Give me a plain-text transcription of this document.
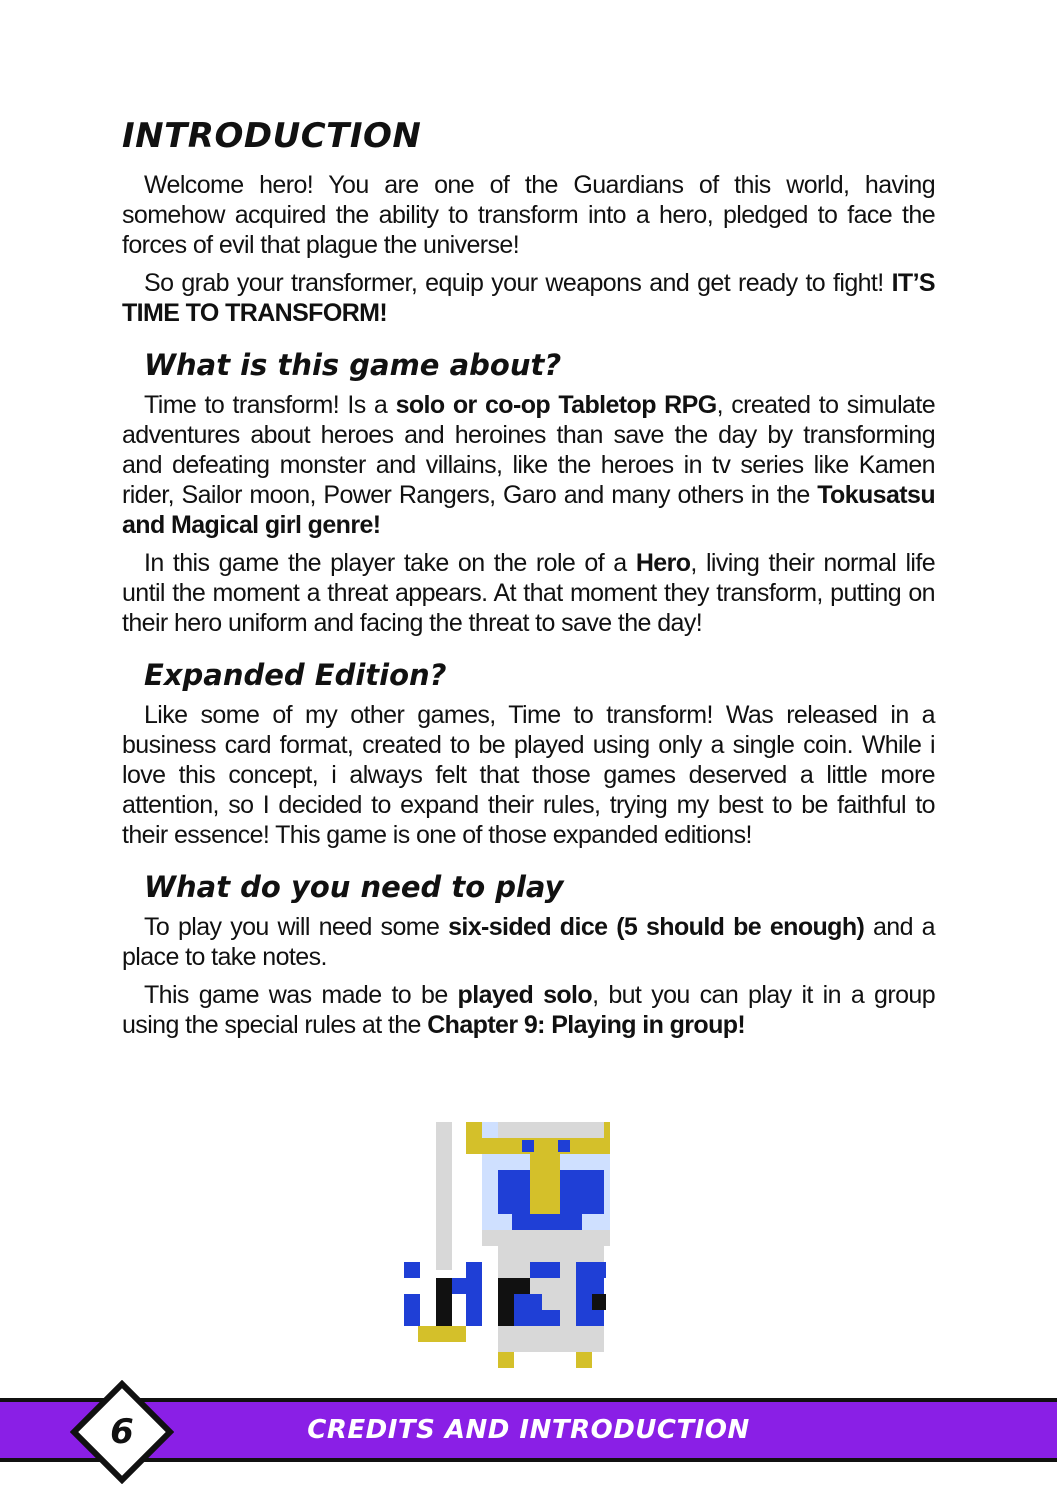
INTRODUCTION

Welcome hero! You are one of the Guardians of this world, having somehow acquired the ability to transform into a hero, pledged to face the forces of evil that plague the universe!

So grab your transformer, equip your weapons and get ready to fight! IT’S TIME TO TRANSFORM!

What is this game about?

Time to transform! Is a solo or co-op Tabletop RPG, created to simulate adventures about heroes and heroines than save the day by transforming and defeating monster and villains, like the heroes in tv series like Kamen rider, Sailor moon, Power Rangers, Garo and many others in the Tokusatsu and Magical girl genre!

In this game the player take on the role of a Hero, living their normal life until the moment a threat appears. At that moment they transform, putting on their hero uniform and facing the threat to save the day!

Expanded Edition?

Like some of my other games, Time to transform! Was released in a business card format, created to be played using only a single coin. While i love this concept, i always felt that those games deserved a little more attention, so I decided to expand their rules, trying my best to be faithful to their essence! This game is one of those expanded editions!

What do you need to play

To play you will need some six-sided dice (5 should be enough) and a place to take notes.

This game was made to be played solo, but you can play it in a group using the special rules at the Chapter 9: Playing in group!

CREDITS AND INTRODUCTION
6
